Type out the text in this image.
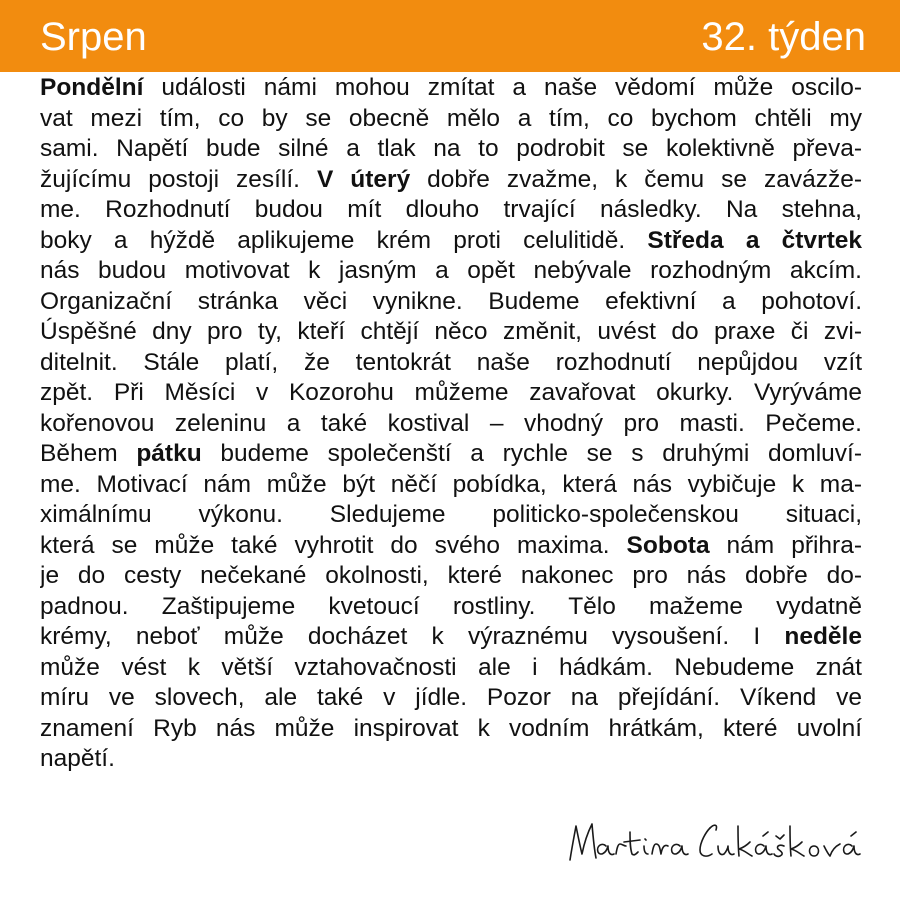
Srpen	32. týden
Pondělní události námi mohou zmítat a naše vědomí může oscilo-
vat mezi tím, co by se obecně mělo a tím, co bychom chtěli my
sami. Napětí bude silné a tlak na to podrobit se kolektivně převa-
žujícímu postoji zesílí. V úterý dobře zvažme, k čemu se zavázže-
me. Rozhodnutí budou mít dlouho trvající následky. Na stehna,
boky a hýždě aplikujeme krém proti celulitidě. Středa a čtvrtek
nás budou motivovat k jasným a opět nebývale rozhodným akcím.
Organizační stránka věci vynikne. Budeme efektivní a pohotoví.
Úspěšné dny pro ty, kteří chtějí něco změnit, uvést do praxe či zvi-
ditelnit. Stále platí, že tentokrát naše rozhodnutí nepůjdou vzít
zpět. Při Měsíci v Kozorohu můžeme zavařovat okurky. Vyrýváme
kořenovou zeleninu a také kostival – vhodný pro masti. Pečeme.
Během pátku budeme společenští a rychle se s druhými domluví-
me. Motivací nám může být něčí pobídka, která nás vybičuje k ma-
ximálnímu výkonu. Sledujeme politicko-společenskou situaci,
která se může také vyhrotit do svého maxima. Sobota nám přihra-
je do cesty nečekané okolnosti, které nakonec pro nás dobře do-
padnou. Zaštipujeme kvetoucí rostliny. Tělo mažeme vydatně
krémy, neboť může docházet k výraznému vysoušení. I neděle
může vést k větší vztahovačnosti ale i hádkám. Nebudeme znát
míru ve slovech, ale také v jídle. Pozor na přejídání. Víkend ve
znamení Ryb nás může inspirovat k vodním hrátkám, které uvolní
napětí.
